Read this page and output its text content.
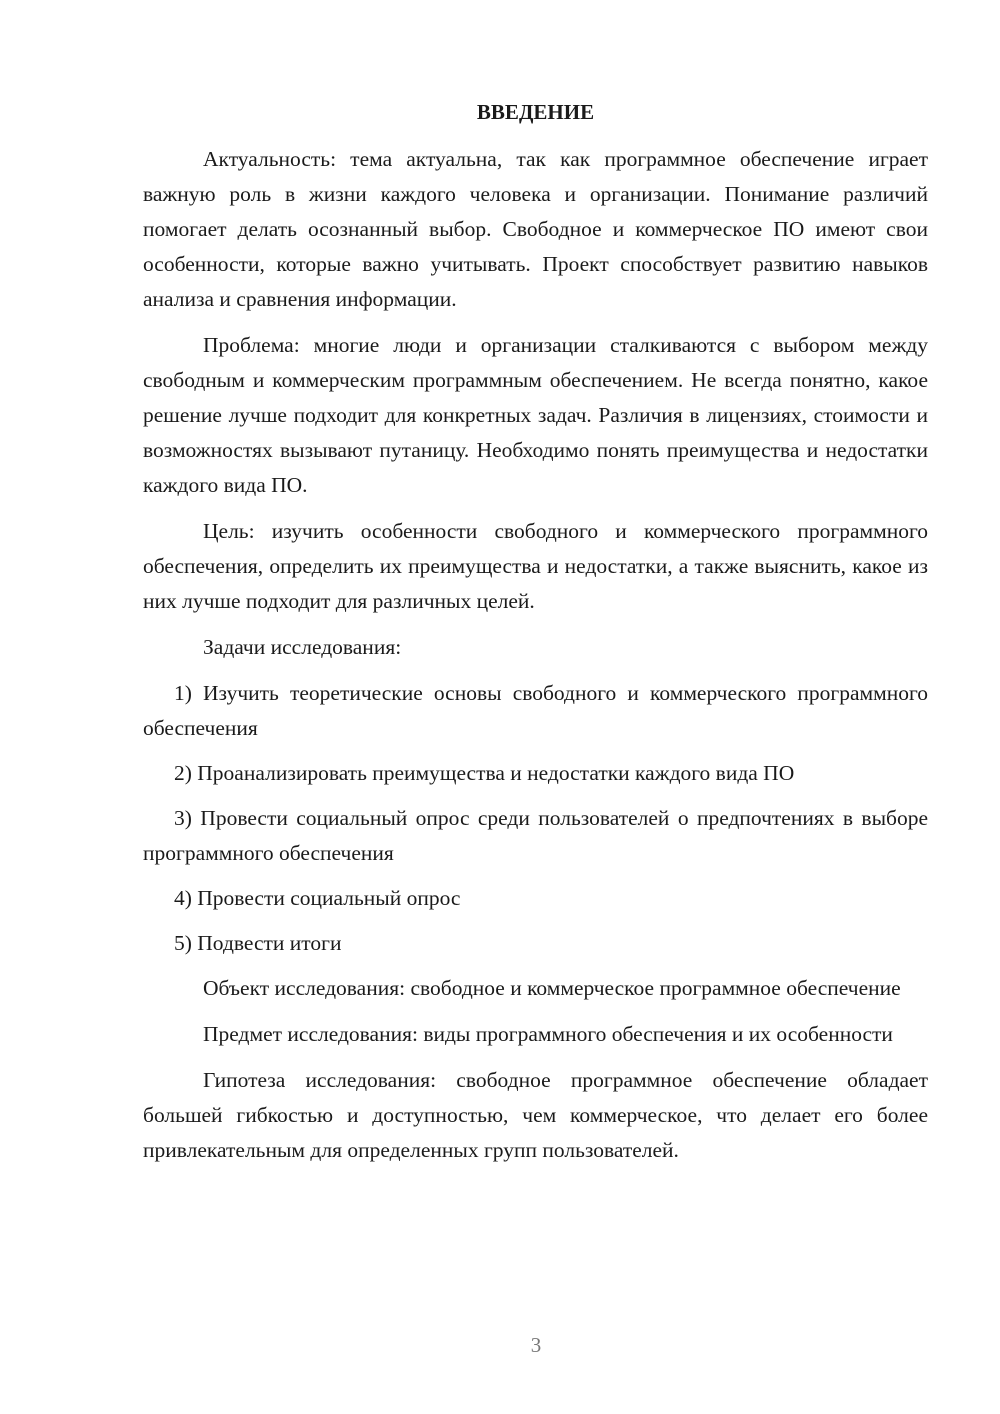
ВВЕДЕНИЕ

Актуальность: тема актуальна, так как программное обеспечение играет важную роль в жизни каждого человека и организации. Понимание различий помогает делать осознанный выбор. Свободное и коммерческое ПО имеют свои особенности, которые важно учитывать. Проект способствует развитию навыков анализа и сравнения информации.

Проблема: многие люди и организации сталкиваются с выбором между свободным и коммерческим программным обеспечением. Не всегда понятно, какое решение лучше подходит для конкретных задач. Различия в лицензиях, стоимости и возможностях вызывают путаницу. Необходимо понять преимущества и недостатки каждого вида ПО.

Цель: изучить особенности свободного и коммерческого программного обеспечения, определить их преимущества и недостатки, а также выяснить, какое из них лучше подходит для различных целей.

Задачи исследования:

1) Изучить теоретические основы свободного и коммерческого программного обеспечения
2) Проанализировать преимущества и недостатки каждого вида ПО
3) Провести социальный опрос среди пользователей о предпочтениях в выборе программного обеспечения
4) Провести социальный опрос
5) Подвести итоги

Объект исследования: свободное и коммерческое программное обеспечение

Предмет исследования: виды программного обеспечения и их особенности

Гипотеза исследования: свободное программное обеспечение обладает большей гибкостью и доступностью, чем коммерческое, что делает его более привлекательным для определенных групп пользователей.

3
